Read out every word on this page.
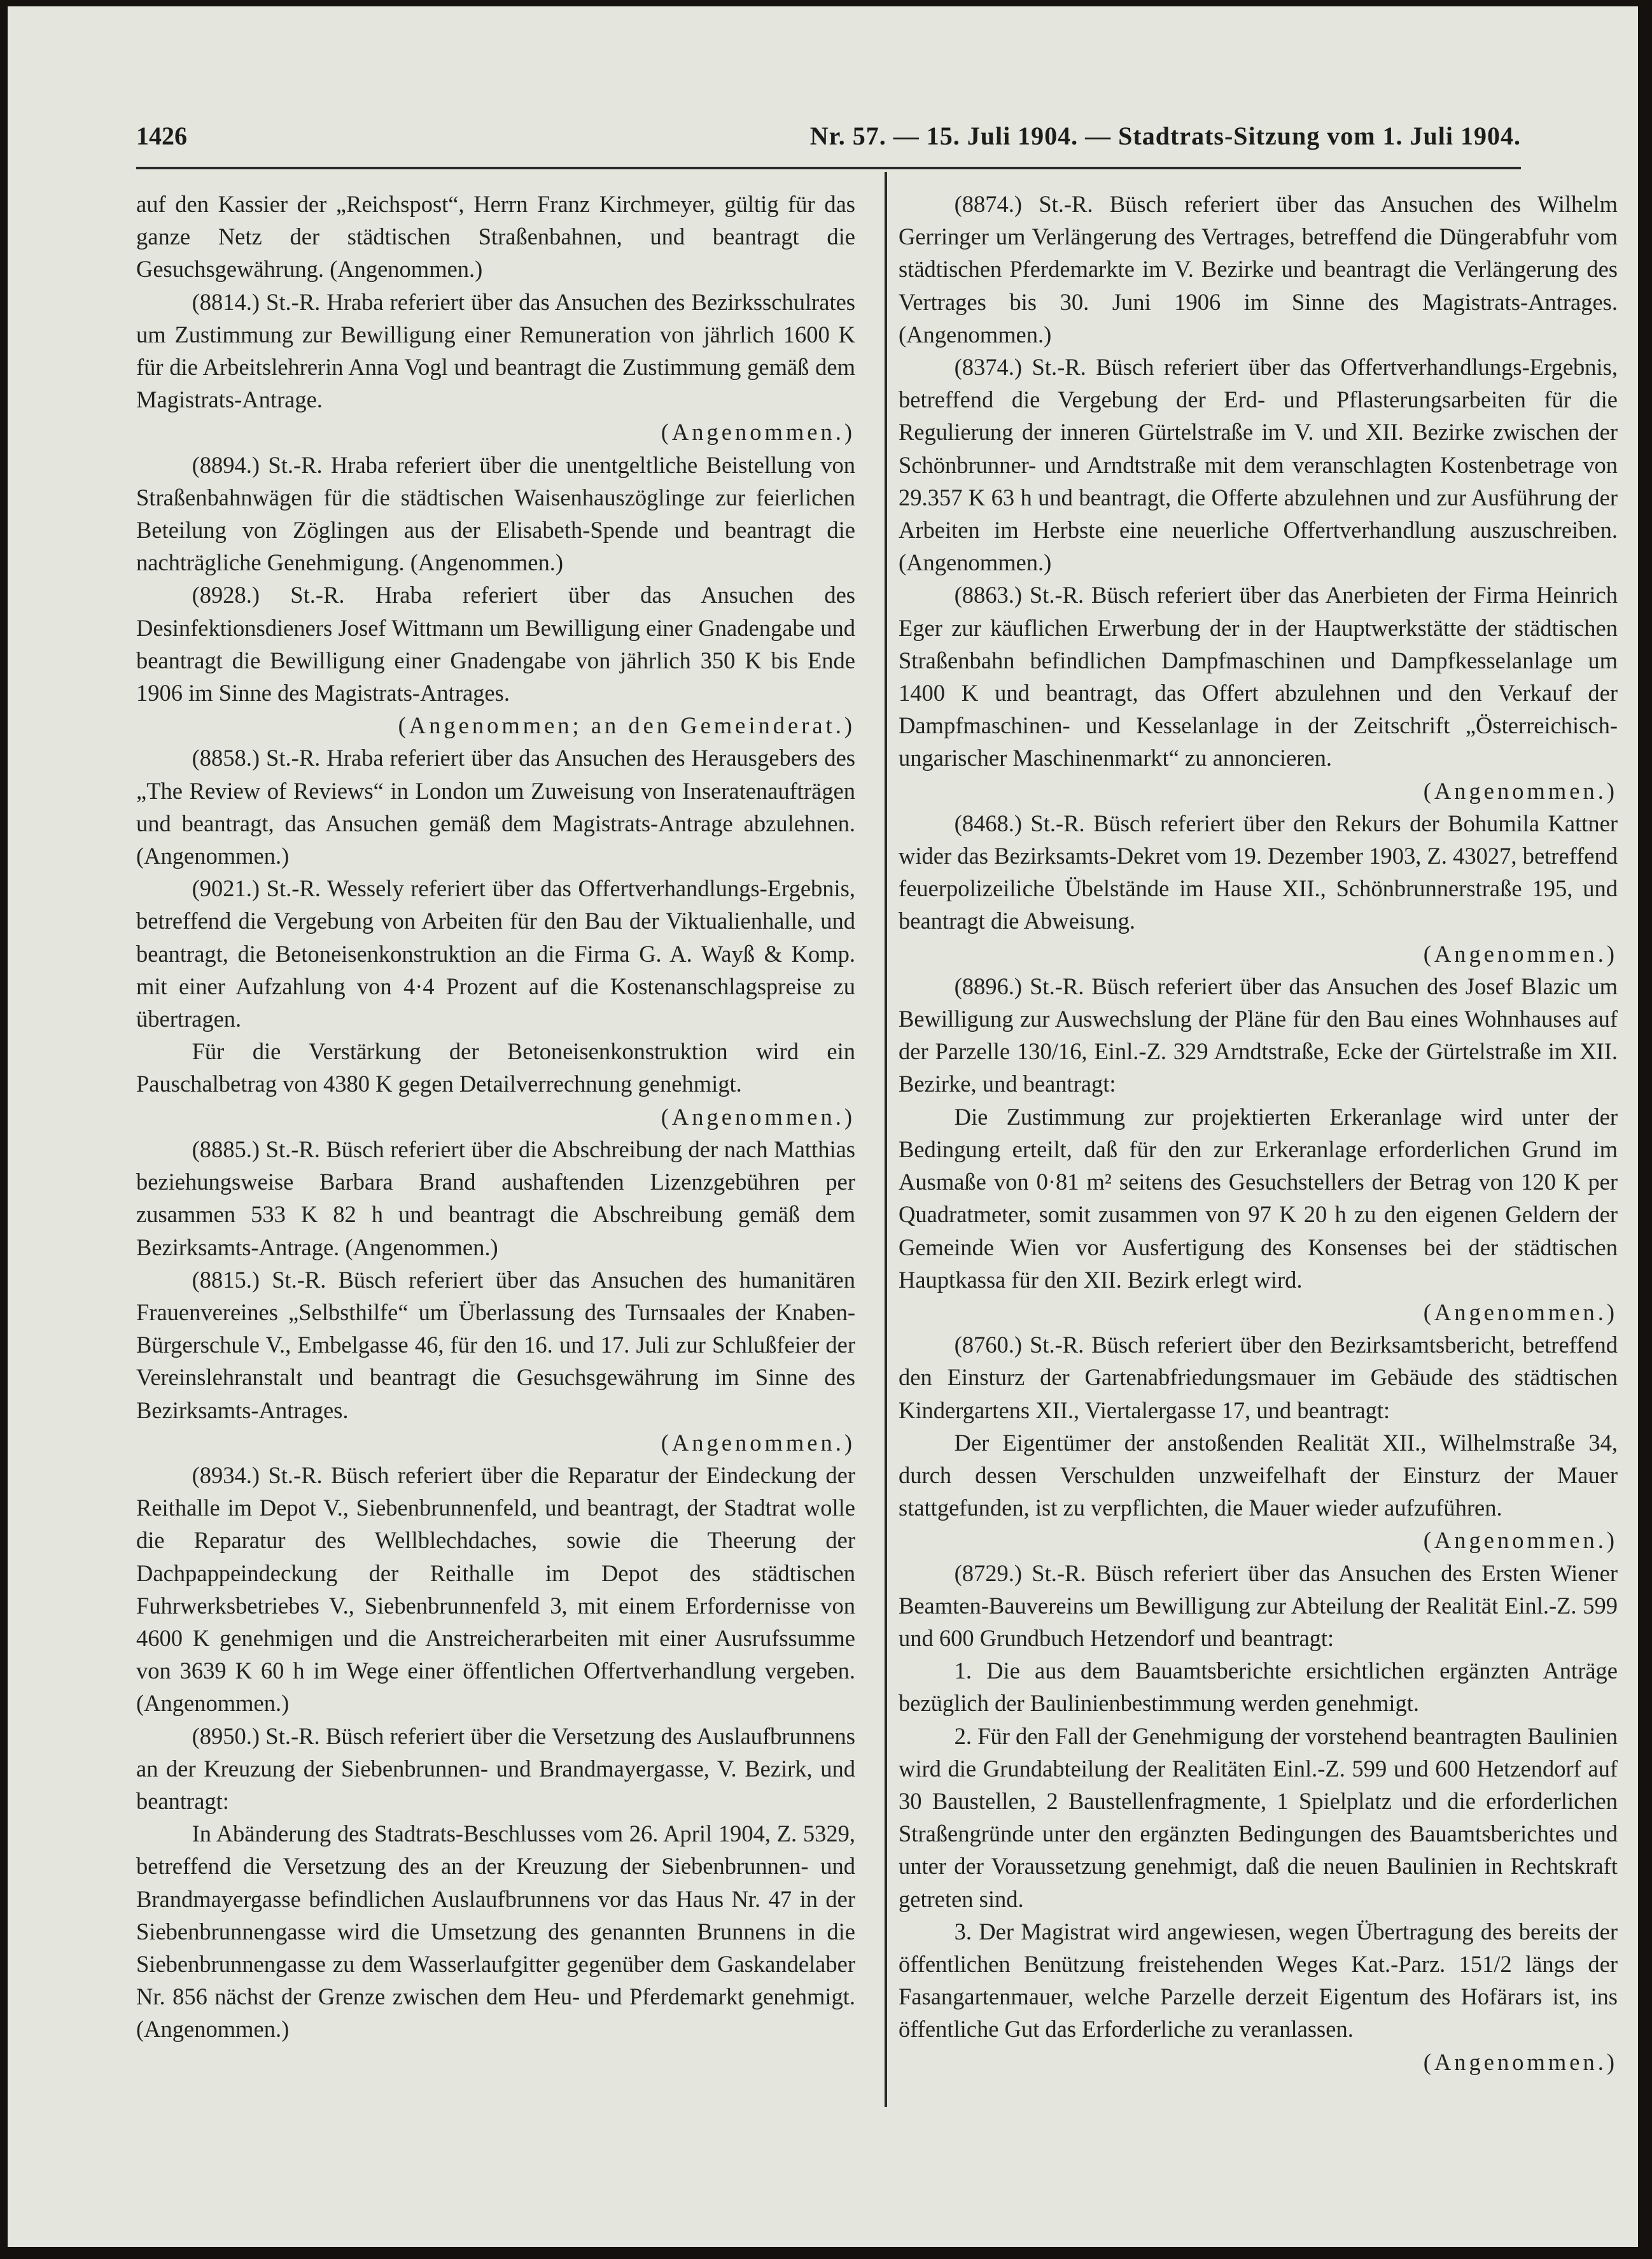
1426	Nr. 57. — 15. Juli 1904. — Stadtrats-Sitzung vom 1. Juli 1904.

auf den Kassier der „Reichspost“, Herrn Franz Kirchmeyer, gültig für das ganze Netz der städtischen Straßenbahnen, und beantragt die Gesuchsgewährung. (Angenommen.)

(8814.) St.-R. Hraba referiert über das Ansuchen des Bezirksschulrates um Zustimmung zur Bewilligung einer Remuneration von jährlich 1600 K für die Arbeitslehrerin Anna Vogl und beantragt die Zustimmung gemäß dem Magistrats-Antrage.

(Angenommen.)

(8894.) St.-R. Hraba referiert über die unentgeltliche Beistellung von Straßenbahnwägen für die städtischen Waisenhauszöglinge zur feierlichen Beteilung von Zöglingen aus der Elisabeth-Spende und beantragt die nachträgliche Genehmigung. (Angenommen.)

(8928.) St.-R. Hraba referiert über das Ansuchen des Desinfektionsdieners Josef Wittmann um Bewilligung einer Gnadengabe und beantragt die Bewilligung einer Gnadengabe von jährlich 350 K bis Ende 1906 im Sinne des Magistrats-Antrages.

(Angenommen; an den Gemeinderat.)

(8858.) St.-R. Hraba referiert über das Ansuchen des Herausgebers des „The Review of Reviews“ in London um Zuweisung von Inseratenaufträgen und beantragt, das Ansuchen gemäß dem Magistrats-Antrage abzulehnen. (Angenommen.)

(9021.) St.-R. Wessely referiert über das Offertverhandlungs-Ergebnis, betreffend die Vergebung von Arbeiten für den Bau der Viktualienhalle, und beantragt, die Betoneisenkonstruktion an die Firma G. A. Wayß & Komp. mit einer Aufzahlung von 4·4 Prozent auf die Kostenanschlagspreise zu übertragen.

Für die Verstärkung der Betoneisenkonstruktion wird ein Pauschalbetrag von 4380 K gegen Detailverrechnung genehmigt.

(Angenommen.)

(8885.) St.-R. Büsch referiert über die Abschreibung der nach Matthias beziehungsweise Barbara Brand aushaftenden Lizenzgebühren per zusammen 533 K 82 h und beantragt die Abschreibung gemäß dem Bezirksamts-Antrage. (Angenommen.)

(8815.) St.-R. Büsch referiert über das Ansuchen des humanitären Frauenvereines „Selbsthilfe“ um Überlassung des Turnsaales der Knaben-Bürgerschule V., Embelgasse 46, für den 16. und 17. Juli zur Schlußfeier der Vereinslehranstalt und beantragt die Gesuchsgewährung im Sinne des Bezirksamts-Antrages.

(Angenommen.)

(8934.) St.-R. Büsch referiert über die Reparatur der Eindeckung der Reithalle im Depot V., Siebenbrunnenfeld, und beantragt, der Stadtrat wolle die Reparatur des Wellblechdaches, sowie die Theerung der Dachpappeindeckung der Reithalle im Depot des städtischen Fuhrwerksbetriebes V., Siebenbrunnenfeld 3, mit einem Erfordernisse von 4600 K genehmigen und die Anstreicherarbeiten mit einer Ausrufssumme von 3639 K 60 h im Wege einer öffentlichen Offertverhandlung vergeben. (Angenommen.)

(8950.) St.-R. Büsch referiert über die Versetzung des Auslaufbrunnens an der Kreuzung der Siebenbrunnen- und Brandmayergasse, V. Bezirk, und beantragt:

In Abänderung des Stadtrats-Beschlusses vom 26. April 1904, Z. 5329, betreffend die Versetzung des an der Kreuzung der Siebenbrunnen- und Brandmayergasse befindlichen Auslaufbrunnens vor das Haus Nr. 47 in der Siebenbrunnengasse wird die Umsetzung des genannten Brunnens in die Siebenbrunnengasse zu dem Wasserlaufgitter gegenüber dem Gaskandelaber Nr. 856 nächst der Grenze zwischen dem Heu- und Pferdemarkt genehmigt. (Angenommen.)

(8874.) St.-R. Büsch referiert über das Ansuchen des Wilhelm Gerringer um Verlängerung des Vertrages, betreffend die Düngerabfuhr vom städtischen Pferdemarkte im V. Bezirke und beantragt die Verlängerung des Vertrages bis 30. Juni 1906 im Sinne des Magistrats-Antrages. (Angenommen.)

(8374.) St.-R. Büsch referiert über das Offertverhandlungs-Ergebnis, betreffend die Vergebung der Erd- und Pflasterungsarbeiten für die Regulierung der inneren Gürtelstraße im V. und XII. Bezirke zwischen der Schönbrunner- und Arndtstraße mit dem veranschlagten Kostenbetrage von 29.357 K 63 h und beantragt, die Offerte abzulehnen und zur Ausführung der Arbeiten im Herbste eine neuerliche Offertverhandlung auszuschreiben. (Angenommen.)

(8863.) St.-R. Büsch referiert über das Anerbieten der Firma Heinrich Eger zur käuflichen Erwerbung der in der Hauptwerkstätte der städtischen Straßenbahn befindlichen Dampfmaschinen und Dampfkesselanlage um 1400 K und beantragt, das Offert abzulehnen und den Verkauf der Dampfmaschinen- und Kesselanlage in der Zeitschrift „Österreichisch-ungarischer Maschinenmarkt“ zu annoncieren.

(Angenommen.)

(8468.) St.-R. Büsch referiert über den Rekurs der Bohumila Kattner wider das Bezirksamts-Dekret vom 19. Dezember 1903, Z. 43027, betreffend feuerpolizeiliche Übelstände im Hause XII., Schönbrunnerstraße 195, und beantragt die Abweisung.

(Angenommen.)

(8896.) St.-R. Büsch referiert über das Ansuchen des Josef Blazic um Bewilligung zur Auswechslung der Pläne für den Bau eines Wohnhauses auf der Parzelle 130/16, Einl.-Z. 329 Arndtstraße, Ecke der Gürtelstraße im XII. Bezirke, und beantragt:

Die Zustimmung zur projektierten Erkeranlage wird unter der Bedingung erteilt, daß für den zur Erkeranlage erforderlichen Grund im Ausmaße von 0·81 m² seitens des Gesuchstellers der Betrag von 120 K per Quadratmeter, somit zusammen von 97 K 20 h zu den eigenen Geldern der Gemeinde Wien vor Ausfertigung des Konsenses bei der städtischen Hauptkassa für den XII. Bezirk erlegt wird.

(Angenommen.)

(8760.) St.-R. Büsch referiert über den Bezirksamtsbericht, betreffend den Einsturz der Gartenabfriedungsmauer im Gebäude des städtischen Kindergartens XII., Viertalergasse 17, und beantragt:

Der Eigentümer der anstoßenden Realität XII., Wilhelmstraße 34, durch dessen Verschulden unzweifelhaft der Einsturz der Mauer stattgefunden, ist zu verpflichten, die Mauer wieder aufzuführen.

(Angenommen.)

(8729.) St.-R. Büsch referiert über das Ansuchen des Ersten Wiener Beamten-Bauvereins um Bewilligung zur Abteilung der Realität Einl.-Z. 599 und 600 Grundbuch Hetzendorf und beantragt:

1. Die aus dem Bauamtsberichte ersichtlichen ergänzten Anträge bezüglich der Baulinienbestimmung werden genehmigt.

2. Für den Fall der Genehmigung der vorstehend beantragten Baulinien wird die Grundabteilung der Realitäten Einl.-Z. 599 und 600 Hetzendorf auf 30 Baustellen, 2 Baustellenfragmente, 1 Spielplatz und die erforderlichen Straßengründe unter den ergänzten Bedingungen des Bauamtsberichtes und unter der Voraussetzung genehmigt, daß die neuen Baulinien in Rechtskraft getreten sind.

3. Der Magistrat wird angewiesen, wegen Übertragung des bereits der öffentlichen Benützung freistehenden Weges Kat.-Parz. 151/2 längs der Fasangartenmauer, welche Parzelle derzeit Eigentum des Hofärars ist, ins öffentliche Gut das Erforderliche zu veranlassen.

(Angenommen.)
